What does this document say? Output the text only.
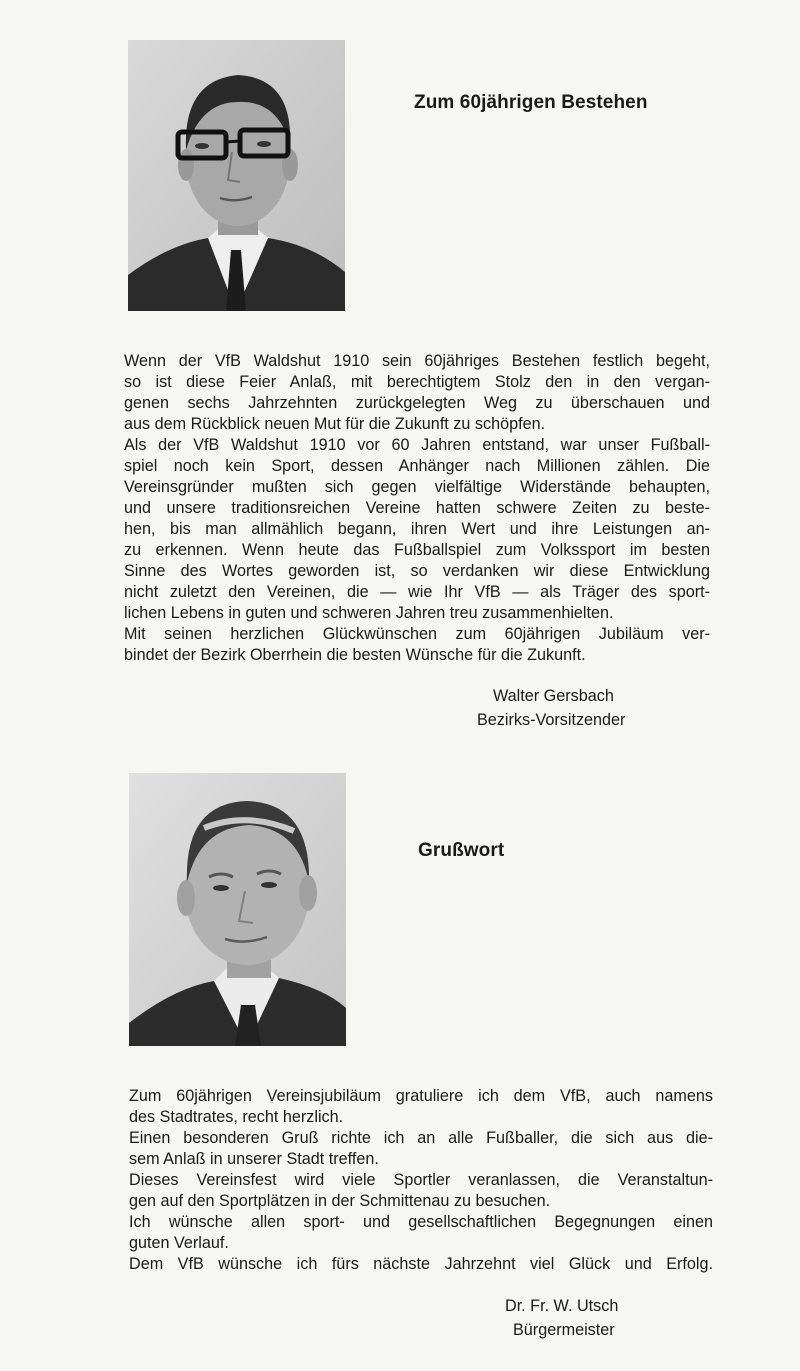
Zum 60jährigen Bestehen
Wenn der VfB Waldshut 1910 sein 60jähriges Bestehen festlich begeht,
so ist diese Feier Anlaß, mit berechtigtem Stolz den in den vergan-
genen sechs Jahrzehnten zurückgelegten Weg zu überschauen und
aus dem Rückblick neuen Mut für die Zukunft zu schöpfen.
Als der VfB Waldshut 1910 vor 60 Jahren entstand, war unser Fußball-
spiel noch kein Sport, dessen Anhänger nach Millionen zählen. Die
Vereinsgründer mußten sich gegen vielfältige Widerstände behaupten,
und unsere traditionsreichen Vereine hatten schwere Zeiten zu beste-
hen, bis man allmählich begann, ihren Wert und ihre Leistungen an-
zu erkennen. Wenn heute das Fußballspiel zum Volkssport im besten
Sinne des Wortes geworden ist, so verdanken wir diese Entwicklung
nicht zuletzt den Vereinen, die — wie Ihr VfB — als Träger des sport-
lichen Lebens in guten und schweren Jahren treu zusammenhielten.
Mit seinen herzlichen Glückwünschen zum 60jährigen Jubiläum ver-
bindet der Bezirk Oberrhein die besten Wünsche für die Zukunft.
Walter Gersbach
Bezirks-Vorsitzender
Grußwort
Zum 60jährigen Vereinsjubiläum gratuliere ich dem VfB, auch namens
des Stadtrates, recht herzlich.
Einen besonderen Gruß richte ich an alle Fußballer, die sich aus die-
sem Anlaß in unserer Stadt treffen.
Dieses Vereinsfest wird viele Sportler veranlassen, die Veranstaltun-
gen auf den Sportplätzen in der Schmittenau zu besuchen.
Ich wünsche allen sport- und gesellschaftlichen Begegnungen einen
guten Verlauf.
Dem VfB wünsche ich fürs nächste Jahrzehnt viel Glück und Erfolg.
Dr. Fr. W. Utsch
Bürgermeister
